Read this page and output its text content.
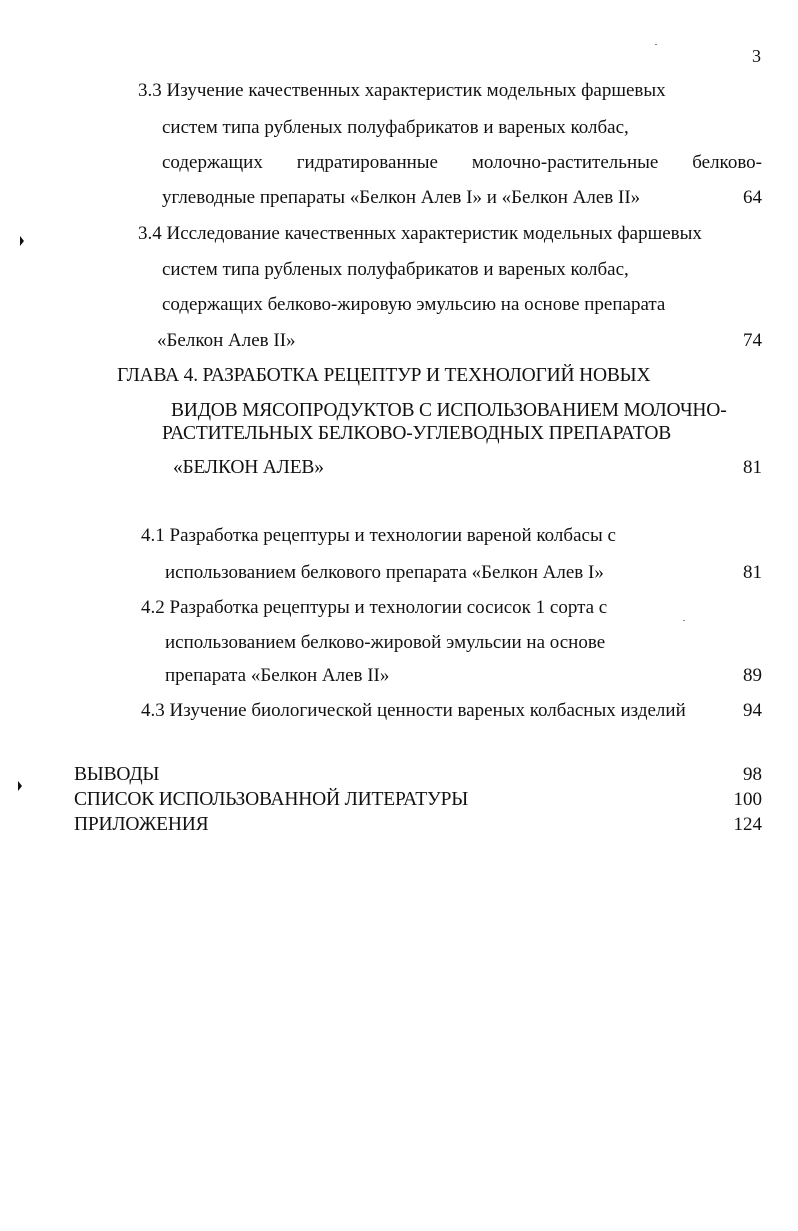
3
3.3 Изучение качественных характеристик модельных фаршевых
систем типа рубленых полуфабрикатов и вареных колбас,
содержащих гидратированные молочно-растительные белково-
углеводные препараты «Белкон Алев I» и «Белкон Алев II»	64
3.4 Исследование качественных характеристик модельных фаршевых
систем типа рубленых полуфабрикатов и вареных колбас,
содержащих белково-жировую эмульсию на основе препарата
«Белкон Алев II»	74
ГЛАВА 4. РАЗРАБОТКА РЕЦЕПТУР И ТЕХНОЛОГИЙ НОВЫХ
ВИДОВ МЯСОПРОДУКТОВ С ИСПОЛЬЗОВАНИЕМ МОЛОЧНО-
РАСТИТЕЛЬНЫХ БЕЛКОВО-УГЛЕВОДНЫХ ПРЕПАРАТОВ
«БЕЛКОН АЛЕВ»	81
4.1 Разработка рецептуры и технологии вареной колбасы с
использованием белкового препарата «Белкон Алев I»	81
4.2 Разработка рецептуры и технологии сосисок 1 сорта с
использованием белково-жировой эмульсии на основе
препарата «Белкон Алев II»	89
4.3 Изучение биологической ценности вареных колбасных изделий	94
ВЫВОДЫ	98
СПИСОК ИСПОЛЬЗОВАННОЙ ЛИТЕРАТУРЫ	100
ПРИЛОЖЕНИЯ	124
